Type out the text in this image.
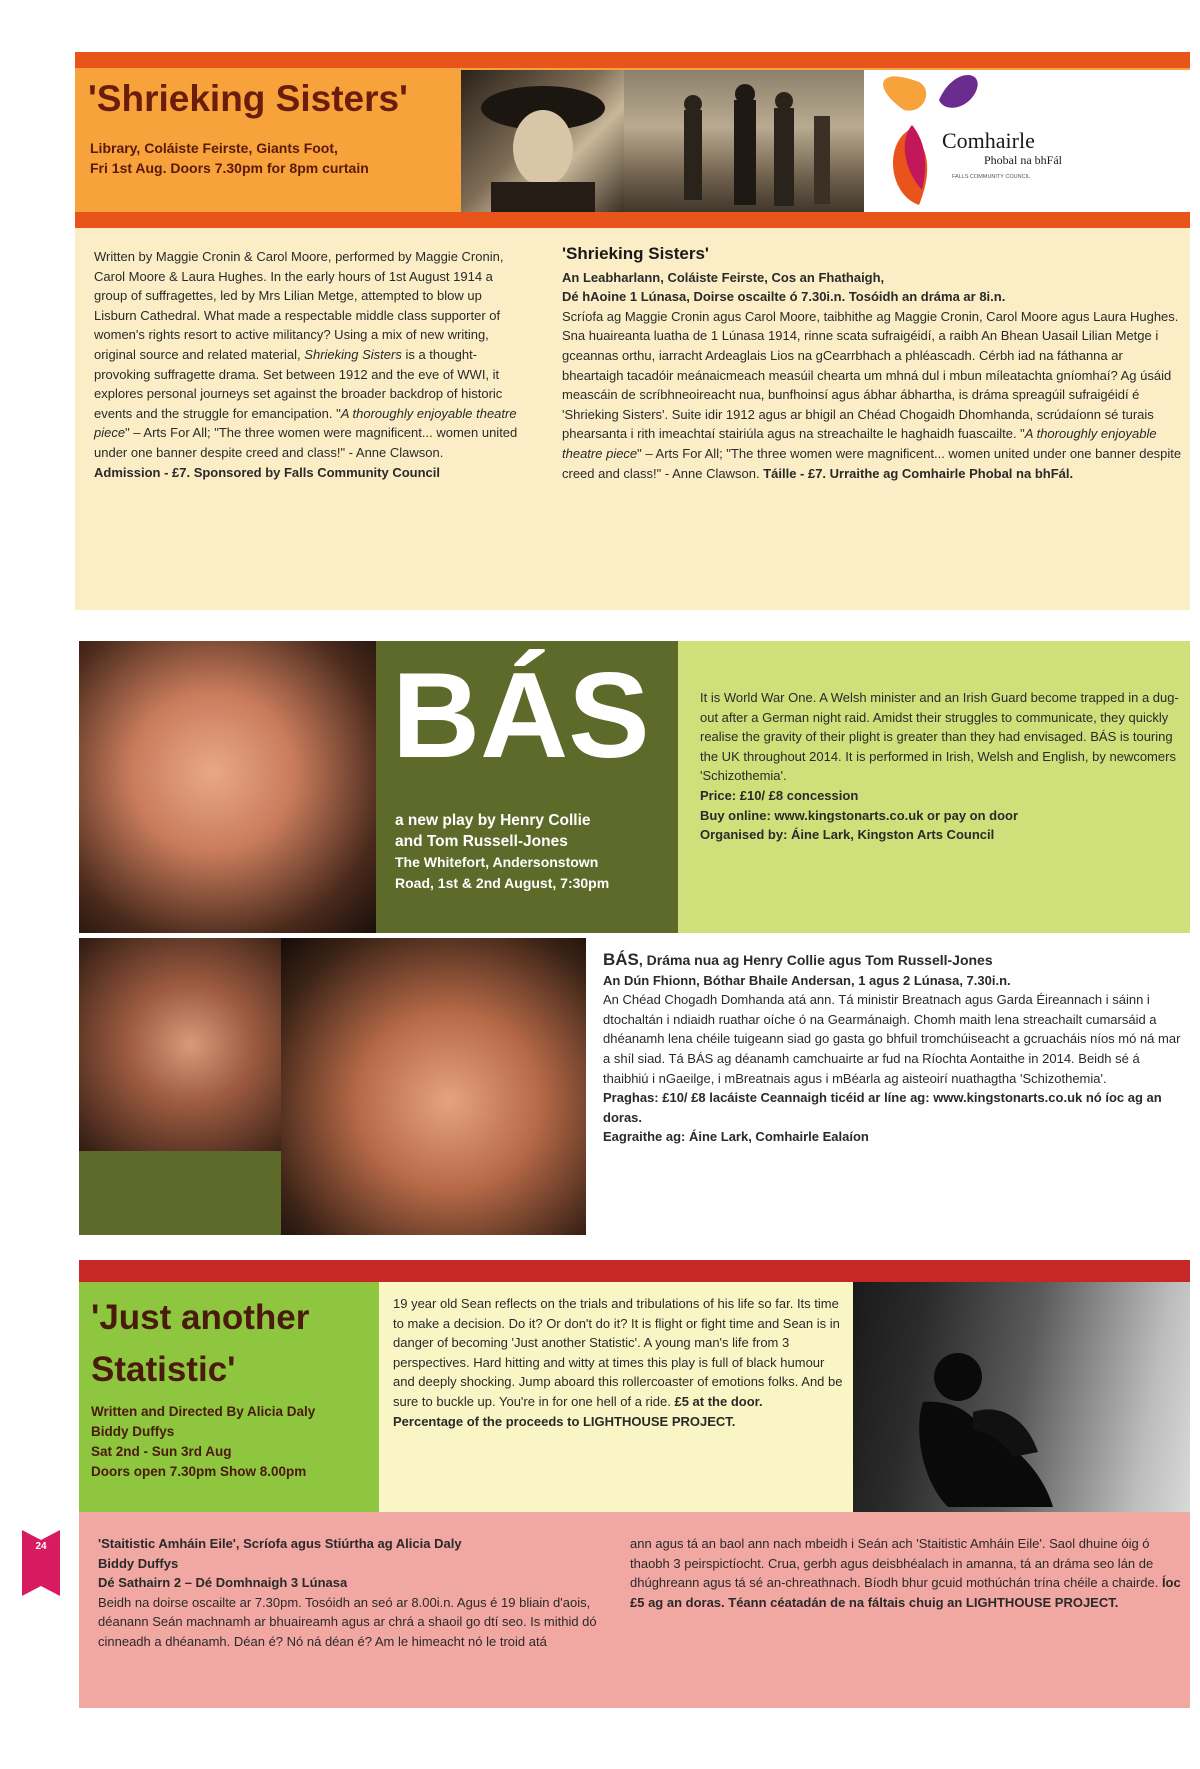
'Shrieking Sisters'
Library, Coláiste Feirste, Giants Foot,
Fri 1st Aug. Doors 7.30pm for 8pm curtain
Comhairle
Phobal na bhFál
FALLS COMMUNITY COUNCIL
Written by Maggie Cronin & Carol Moore, performed by Maggie Cronin, Carol Moore & Laura Hughes. In the early hours of 1st August 1914 a group of suffragettes, led by Mrs Lilian Metge, attempted to blow up Lisburn Cathedral. What made a respectable middle class supporter of women's rights resort to active militancy? Using a mix of new writing, original source and related material, Shrieking Sisters is a thought-provoking suffragette drama. Set between 1912 and the eve of WWI, it explores personal journeys set against the broader backdrop of historic events and the struggle for emancipation. "A thoroughly enjoyable theatre piece" – Arts For All; "The three women were magnificent... women united under one banner despite creed and class!" - Anne Clawson.
Admission - £7. Sponsored by Falls Community Council
'Shrieking Sisters'
An Leabharlann, Coláiste Feirste, Cos an Fhathaigh,
Dé hAoine 1 Lúnasa, Doirse oscailte ó 7.30i.n. Tosóidh an dráma ar 8i.n.
Scríofa ag Maggie Cronin agus Carol Moore, taibhithe ag Maggie Cronin, Carol Moore agus Laura Hughes. Sna huaireanta luatha de 1 Lúnasa 1914, rinne scata sufraigéidí, a raibh An Bhean Uasail Lilian Metge i gceannas orthu, iarracht Ardeaglais Lios na gCearrbhach a phléascadh. Cérbh iad na fáthanna ar bheartaigh tacadóir meánaicmeach measúil chearta um mhná dul i mbun míleatachta gníomhaí? Ag úsáid meascáin de scríbhneoireacht nua, bunfhoinsí agus ábhar ábhartha, is dráma spreagúil sufraigéidí é 'Shrieking Sisters'. Suite idir 1912 agus ar bhigil an Chéad Chogaidh Dhomhanda, scrúdaíonn sé turais phearsanta i rith imeachtaí stairiúla agus na streachailte le haghaidh fuascailte. "A thoroughly enjoyable theatre piece" – Arts For All; "The three women were magnificent... women united under one banner despite creed and class!" - Anne Clawson. Táille - £7. Urraithe ag Comhairle Phobal na bhFál.
BÁS
a new play by Henry Collie
and Tom Russell-Jones
The Whitefort, Andersonstown
Road, 1st & 2nd August, 7:30pm
It is World War One. A Welsh minister and an Irish Guard become trapped in a dug-out after a German night raid. Amidst their struggles to communicate, they quickly realise the gravity of their plight is greater than they had envisaged. BÁS is touring the UK throughout 2014. It is performed in Irish, Welsh and English, by newcomers 'Schizothemia'.
Price: £10/ £8 concession
Buy online: www.kingstonarts.co.uk or pay on door
Organised by: Áine Lark, Kingston Arts Council
BÁS, Dráma nua ag Henry Collie agus Tom Russell-Jones
An Dún Fhionn, Bóthar Bhaile Andersan, 1 agus 2 Lúnasa, 7.30i.n.
An Chéad Chogadh Domhanda atá ann. Tá ministir Breatnach agus Garda Éireannach i sáinn i dtochaltán i ndiaidh ruathar oíche ó na Gearmánaigh. Chomh maith lena streachailt cumarsáid a dhéanamh lena chéile tuigeann siad go gasta go bhfuil tromchúiseacht a gcruacháis níos mó ná mar a shíl siad. Tá BÁS ag déanamh camchuairte ar fud na Ríochta Aontaithe in 2014. Beidh sé á thaibhiú i nGaeilge, i mBreatnais agus i mBéarla ag aisteoirí nuathagtha 'Schizothemia'.
Praghas: £10/ £8 lacáiste Ceannaigh ticéid ar líne ag: www.kingstonarts.co.uk nó íoc ag an doras.
Eagraithe ag: Áine Lark, Comhairle Ealaíon
'Just another
Statistic'
Written and Directed By Alicia Daly
Biddy Duffys
Sat 2nd - Sun 3rd Aug
Doors open 7.30pm Show 8.00pm
19 year old Sean reflects on the trials and tribulations of his life so far. Its time to make a decision. Do it? Or don't do it? It is flight or fight time and Sean is in danger of becoming 'Just another Statistic'. A young man's life from 3 perspectives. Hard hitting and witty at times this play is full of black humour and deeply shocking. Jump aboard this rollercoaster of emotions folks. And be sure to buckle up. You're in for one hell of a ride. £5 at the door.
Percentage of the proceeds to LIGHTHOUSE PROJECT.
'Staitistic Amháin Eile', Scríofa agus Stiúrtha ag Alicia Daly
Biddy Duffys
Dé Sathairn 2 – Dé Domhnaigh 3 Lúnasa
Beidh na doirse oscailte ar 7.30pm. Tosóidh an seó ar 8.00i.n. Agus é 19 bliain d'aois, déanann Seán machnamh ar bhuaireamh agus ar chrá a shaoil go dtí seo. Is mithid dó cinneadh a dhéanamh. Déan é? Nó ná déan é? Am le himeacht nó le troid atá
ann agus tá an baol ann nach mbeidh i Seán ach 'Staitistic Amháin Eile'. Saol dhuine óig ó thaobh 3 peirspictíocht. Crua, gerbh agus deisbhéalach in amanna, tá an dráma seo lán de dhúghreann agus tá sé an-chreathnach. Bíodh bhur gcuid mothúchán trína chéile a chairde. Íoc £5 ag an doras. Téann céatadán de na fáltais chuig an LIGHTHOUSE PROJECT.
24
